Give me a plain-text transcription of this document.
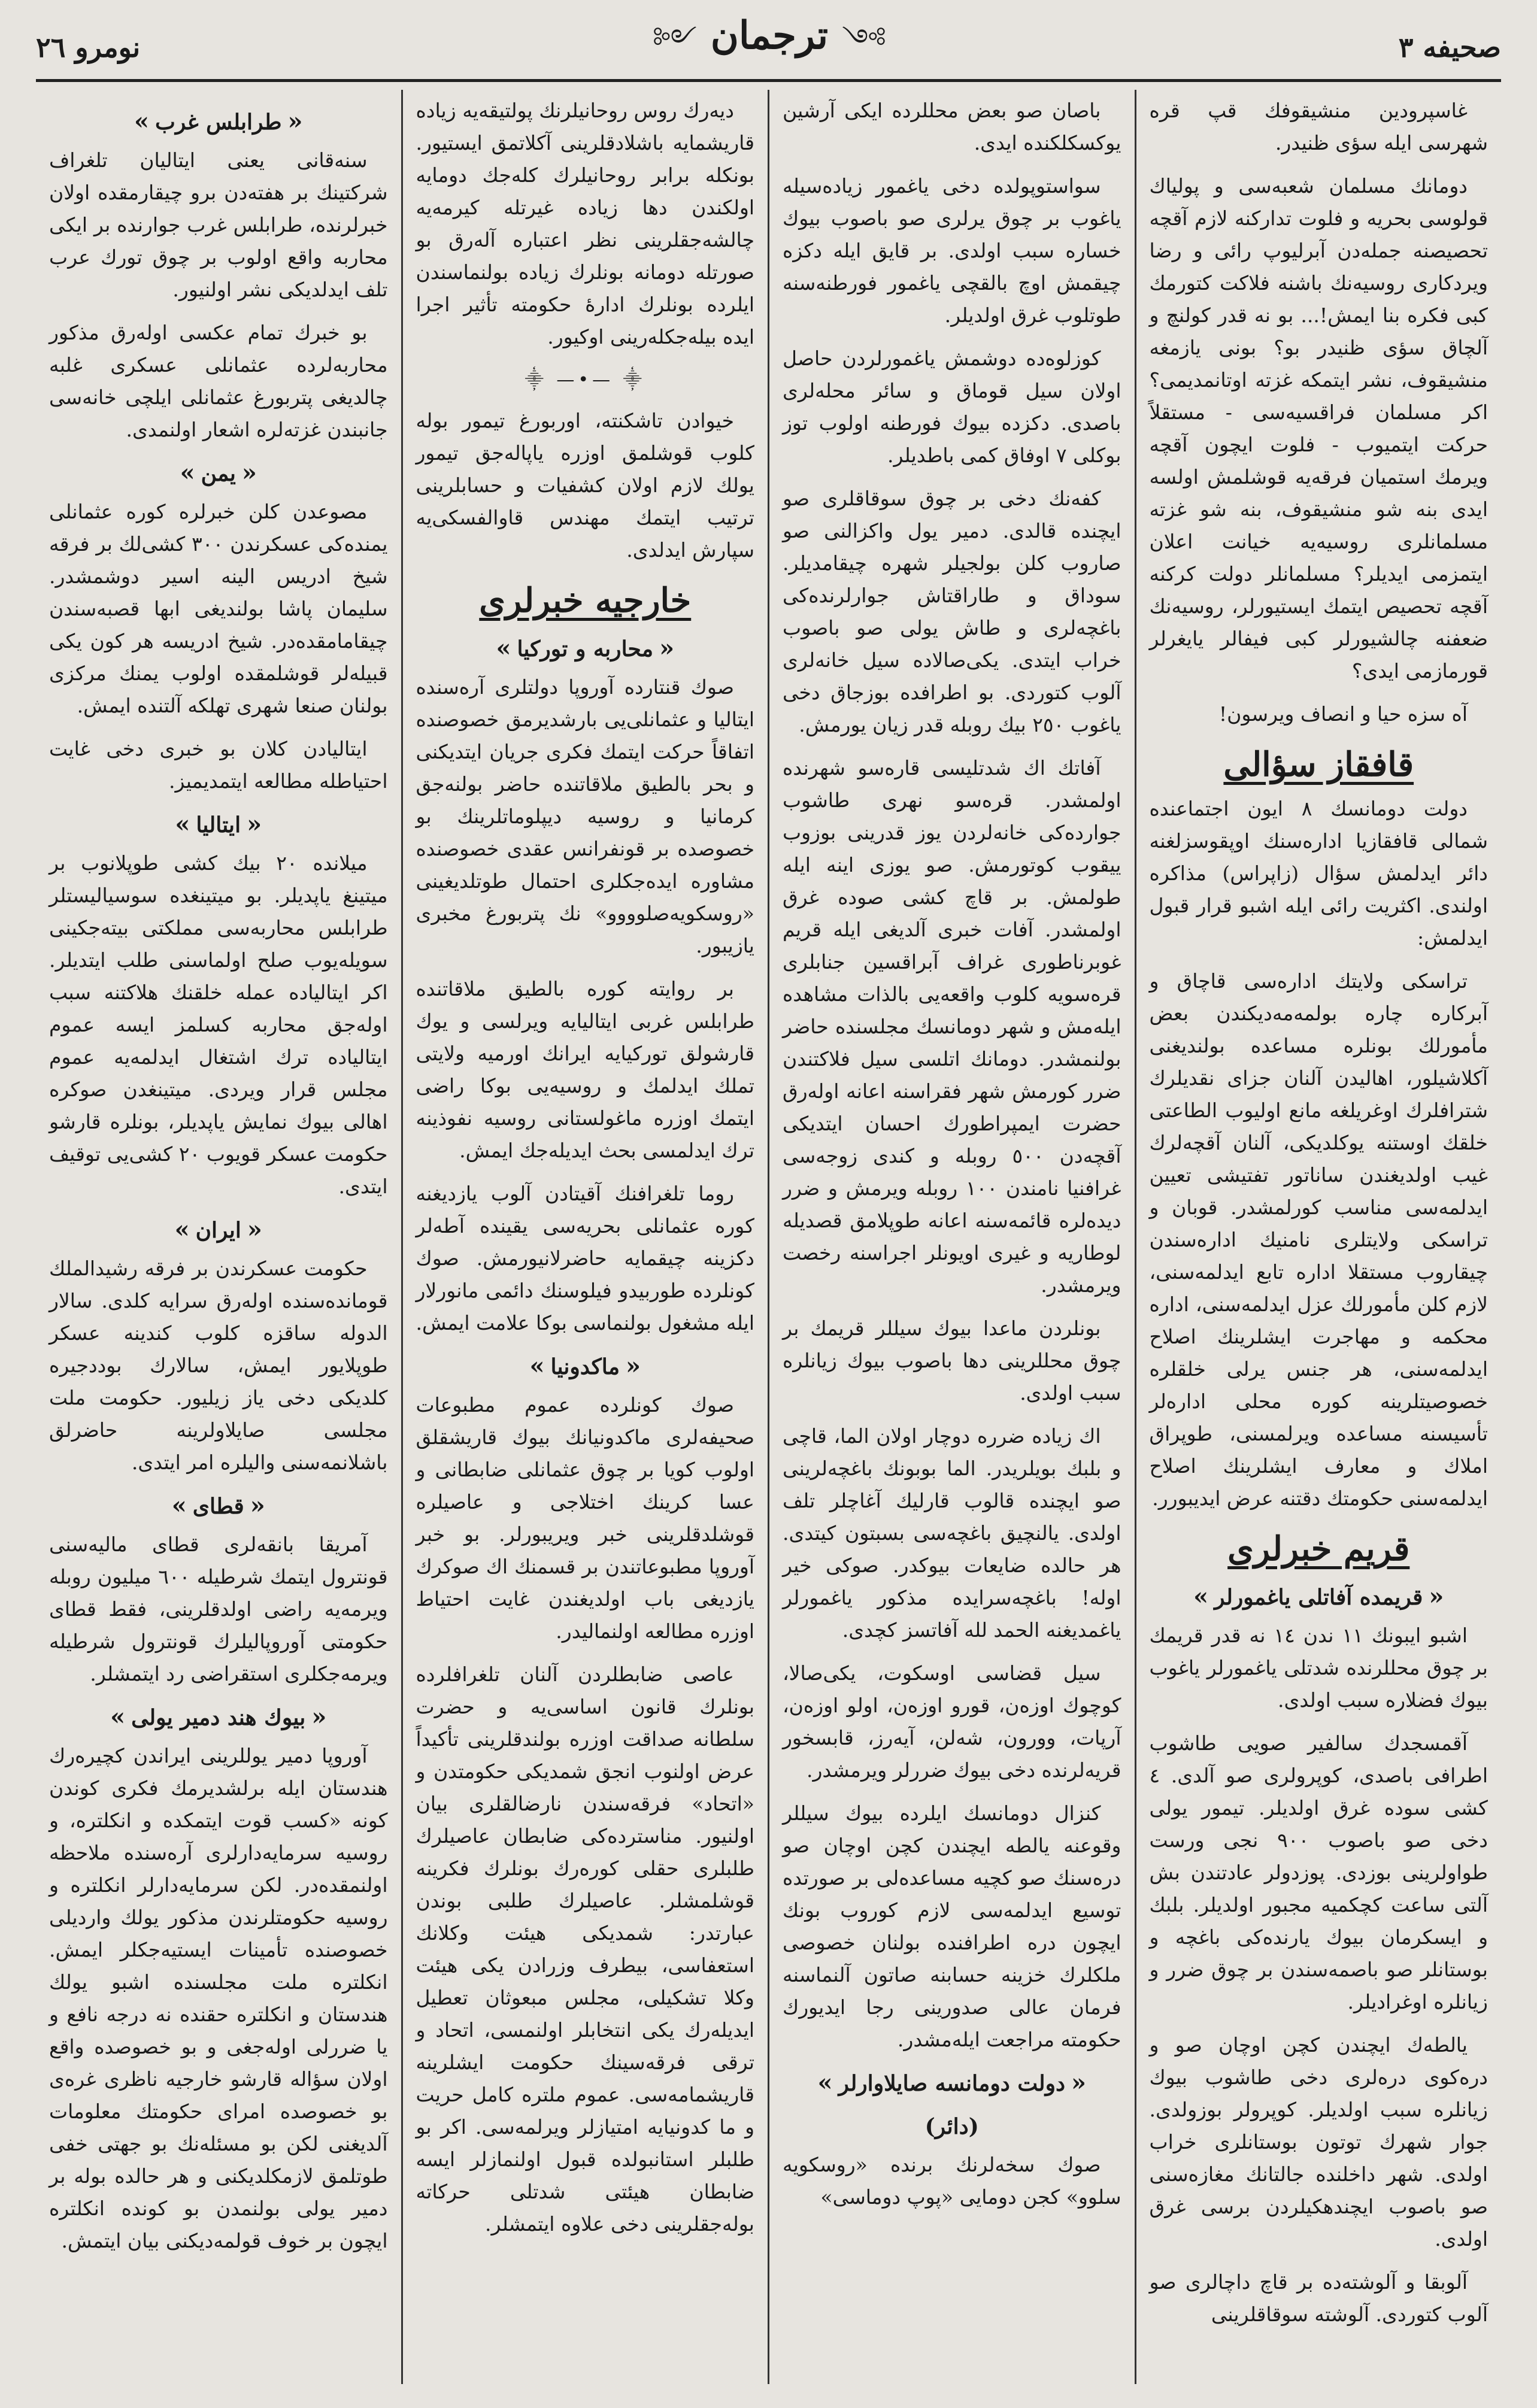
صحیفه ٣
༻ ترجمان ༺
نومرو ٢٦

غاسپرودین منشیقوفك قپ قره شهرسی ایله سؤی ظنیدر.

دومانك مسلمان شعبه‌سی و پولیاك قولوسی بحریه و فلوت تدارکنه لازم آقچه تحصیصنه جمله‌دن آبرلیوپ رائی و رضا ویردکاری روسیه‌نك باشنه فلاکت کتورمك کبی فکره بنا ایمش!... بو نه قدر کولنچ و آلچاق سؤی ظنیدر بو؟ بونی یازمغه منشیقوف، نشر ایتمکه غزته اوتانمدیمی؟ اکر مسلمان فراقسیه‌سی - مستقلاً حرکت ایتمیوب - فلوت ایچون آقچه ویرمك استمیان فرقه‌یه قوشلمش اولسه ایدی بنه شو منشیقوف، بنه شو غزته مسلمانلری روسیه‌یه خیانت اعلان ایتمزمی ایدیلر؟ مسلمانلر دولت کرکنه آقچه تحصیص ایتمك ایستیورلر، روسیه‌نك ضعفنه چالشیورلر کبی فیفالر یایغرلر قورمازمی ایدی؟

آه سزه حیا و انصاف ویرسون!

قافقاز سؤالی

دولت دومانسك ٨ ایون اجتماعنده شمالی قافقازیا ادارەسنك اوپقوسزلغنه دائر ایدلمش سؤال (زاپراس) مذاکره اولندی. اکثریت رائی ایله اشبو قرار قبول ایدلمش:

تراسكی ولایتك ادارەسی قاچاق و آبرکاره چاره بولمه‌مه‌دیکندن بعض مأمورلك بونلره مساعده بولندیغنی آکلاشیلور، اهالیدن آلنان جزای نقدیلرك شترافلرك اوغریلغه مانع اولیوب الطاعتی خلقك اوستنه یوکلدیکی، آلنان آقچه‌لرك غیب اولدیغندن ساناتور تفتیشی تعیین ایدلمه‌سی مناسب کورلمشدر. قوبان و تراسكی ولایتلری نامنیك اداره‌سندن چیقاروب مستقلا اداره تابع ایدلمه‌سنی، لازم کلن مأمورلك عزل ایدلمه‌سنی، اداره محکمه و مهاجرت ایشلرینك اصلاح ایدلمه‌سنی، هر جنس یرلی خلقلره خصوصیتلرینه کوره محلی ادارەلر تأسیسنه مساعده ویرلمسنی، طوپراق املاك و معارف ایشلرینك اصلاح ایدلمه‌سنی حکومتك دقتنه عرض ایدیبورر.

قریم خبرلری
«قریمده آفاتلی یاغمورلر»

اشبو ایبونك ١١ ندن ١٤ نه قدر قریمك بر چوق محللرنده شدتلی یاغمورلر یاغوب بیوك فضلاره سبب اولدی.

آقمسجدك سالفیر صویی طاشوب اطرافی باصدی، کوپرولری صو آلدی. ٤ کشی سوده غرق اولدیلر. تیمور یولی دخی صو باصوب ٩٠٠ نجی ورست طواولرینی بوزدی. پوزدولر عادتندن بش آلتی ساعت کچکمیه مجبور اولدیلر. بلبك و ایسکرمان بیوك یارنده‌کی باغچه و بوستانلر صو باصمه‌سندن بر چوق ضرر و زیانلره اوغرادیلر.

یالطه‌ك ایچندن کچن اوچان صو و دره‌کوی درەلری دخی طاشوب بیوك زیانلره سبب اولدیلر. کوپرولر بوزولدی. جوار شهرك توتون بوستانلری خراب اولدی. شهر داخلنده جالتانك مغازەسنی صو باصوب ایچندهکیلردن برسی غرق اولدی.

آلوبقا و آلوشته‌ده بر قاچ داچالری صو آلوب کتوردی. آلوشته سوقاقلرینی

باصان صو بعض محللرده ایکی آرشین یوکسکلکنده ایدی.

سواستوپولده دخی یاغمور زیاده‌سیله یاغوب بر چوق یرلری صو باصوب بیوك خساره سبب اولدی. بر قایق ایله دکزه چیقمش اوچ بالقچی یاغمور فورطنه‌سنه طوتلوب غرق اولدیلر.

کوزلوەده دوشمش یاغمورلردن حاصل اولان سیل قوماق و سائر محله‌لری باصدی. دکزده بیوك فورطنه اولوب توز بوکلی ٧ اوفاق کمی باطدیلر.

کفه‌نك دخی بر چوق سوقاقلری صو ایچنده قالدی. دمیر یول واکزالنی صو صاروب کلن بولجیلر شهره چیقامدیلر. سوداق و طاراقتاش جوارلرنده‌کی باغچه‌لری و طاش یولی صو باصوب خراب ایتدی. یکی‌صالاده سیل خانه‌لری آلوب کتوردی. بو اطرافده بوزجاق دخی یاغوب ٢٥٠ بیك روبله قدر زیان یورمش.

آفاتك اك شدتلیسی قاره‌سو شهرنده اولمشدر. قرەسو نهری طاشوب جوارده‌کی خانه‌لردن یوز قدرینی بوزوب ییقوب کوتورمش. صو یوزی اینه ایله طولمش. بر قاچ کشی صوده غرق اولمشدر. آفات خبری آلدیغی ایله قریم غوبرناطوری غراف آبراقسین جنابلری قرەسویه کلوب واقعه‌یی بالذات مشاهده ایلەمش و شهر دومانسك مجلسنده حاضر بولنمشدر. دومانك اتلسی سیل فلاکتندن ضرر کورمش شهر فقراسنه اعانه اولەرق حضرت ایمپراطورك احسان ایتدیکی آقچه‌دن ٥٠٠ روبله و کندی زوجه‌سی غرافنیا نامندن ١٠٠ روبله ویرمش و ضرر دیدەلره قائمه‌سنه اعانه طوپلامق قصدیله لوطاریه و غیری اویونلر اجراسنه رخصت ویرمشدر.

بونلردن ماعدا بیوك سیللر قریمك بر چوق محللرینی دها باصوب بیوك زیانلره سبب اولدی.

اك زیاده ضرره دوچار اولان الما، قاچی و بلبك بویلریدر. الما بوبونك باغچه‌لرینی صو ایچنده قالوب قارلیك آغاچلر تلف اولدی. یالنچیق باغچه‌سی بسبتون کیتدی. هر حالده ضایعات بیوکدر. صوکی خیر اوله! باغچه‌سرایده مذکور یاغمورلر یاغمدیغنه الحمد لله آفاتسز کچدی.

سیل قضاسی اوسکوت، یکی‌صالا، کوچوك اوزەن، قورو اوزەن، اولو اوزەن، آرپات، وورون، شەلن، آیەرز، قابسخور قریەلرنده دخی بیوك ضررلر ویرمشدر.

کنزال دومانسك ایلرده بیوك سیللر وقوعنه یالطه ایچندن کچن اوچان صو درەسنك صو کچیه مساعدەلی بر صورتده توسیع ایدلمه‌سی لازم کوروب بونك ایچون دره اطرافنده بولنان خصوصی ملکلرك خزینه حسابنه صاتون آلنماسنه فرمان عالی صدورینی رجا ایدیورك حکومته مراجعت ایلەمشدر.

«دولت دومانسه صایلاوارلر»
(دائر)

صوك سخه‌لرنك برنده «روسکویه سلوو» کجن دومایی «پوپ دوماسی»

دیەرك روس روحانیلرنك پولتیقه‌یه زیاده قاریشمایه باشلادقلرینی آکلاتمق ایستیور. بونکله برابر روحانیلرك کلەجك دومایه اولکندن دها زیاده غیرتله کیرمه‌یه چالشه‌جقلرینی نظر اعتباره آلەرق بو صورتله دومانه بونلرك زیاده بولنماسندن ایلرده بونلرك ادارۀ حکومته تأثیر اجرا ایده بیلەجکلەرینی اوکیور.

⸎ —•— ⸎

خیوادن تاشکنته، اوربورغ تیمور بوله کلوب قوشلمق اوزره یاپالەجق تیمور یولك لازم اولان کشفیات و حسابلرینی ترتیب ایتمك مهندس قاوالفسکی‌یه سپارش ایدلدی.

خارجیه خبرلری
«محاربه و تورکیا»

صوك قنتارده آوروپا دولتلری آرەسنده ایتالیا و عثمانلی‌یی بارشدیرمق خصوصنده اتفاقاً حرکت ایتمك فکری جریان ایتدیکنی و بحر بالطیق ملاقاتنده حاضر بولنه‌جق کرمانیا و روسیه دیپلوماتلرینك بو خصوصده بر قونفرانس عقدی خصوصنده مشاوره ایدەجکلری احتمال طوتلدیغینی «روسکویه‌صلوووو» نك پتربورغ مخبری یازیبور.

بر روایته کوره بالطیق ملاقاتنده طرابلس غربی ایتالیایه ویرلسی و یوك قارشولق تورکیایه ایرانك اورمیه ولایتی تملك ایدلمك و روسیه‌یی بوکا راضی ایتمك اوزره ماغولستانی روسیه نفوذینه ترك ایدلمسی بحث ایدیلەجك ایمش.

روما تلغرافنك آقیتادن آلوب یازدیغنه کوره عثمانلی بحریه‌سی یقینده آطه‌لر دکزینه چیقمایه حاضرلانیورمش. صوك کونلرده طوربیدو فیلوسنك دائمی مانورلار ایله مشغول بولنماسی بوکا علامت ایمش.

«ماکدونیا»

صوك کونلرده عموم مطبوعات صحیفه‌لری ماکدونیانك بیوك قاریشقلق اولوب کویا بر چوق عثمانلی ضابطانی و عسا کرینك اختلاجی و عاصیلره قوشلدقلرینی خبر ویریبورلر. بو خبر آوروپا مطبوعاتندن بر قسمنك اك صوکرك یازدیغی باب اولدیغندن غایت احتیاط اوزره مطالعه اولنمالیدر.

عاصی ضابطلردن آلنان تلغرافلرده بونلرك قانون اساسی‌یه و حضرت سلطانه صداقت اوزره بولندقلرینی تأکیداً عرض اولنوب انجق شمدیکی حکومتدن و «اتحاد» فرقه‌سندن نارضالقلری بیان اولنیور. مناسترده‌کی ضابطان عاصیلرك طلبلری حقلی کورەرك بونلرك فکرینه قوشلمشلر. عاصیلرك طلبی بوندن عبارتدر: شمدیکی هیئت وکلانك استعفاسی، بیطرف وزرادن یکی هیئت وکلا تشکیلی، مجلس مبعوثان تعطیل ایدیلەرك یکی انتخابلر اولنمسی، اتحاد و ترقی فرقه‌سینك حکومت ایشلرینه قاریشمامه‌سی. عموم ملتره کامل حریت و ما کدونیایه امتیازلر ویرلمه‌سی. اکر بو طلبلر استانبولده قبول اولنمازلر ایسه ضابطان هیئتی شدتلی حرکاته بوله‌جقلرینی دخی علاوه ایتمشلر.

«طرابلس غرب»

سنه‌قانی یعنی ایتالیان تلغراف شرکتینك بر هفته‌دن برو چیقارمقده اولان خبرلرنده، طرابلس غرب جوارنده بر ایکی محاربه واقع اولوب بر چوق تورك عرب تلف ایدلدیکی نشر اولنیور.

بو خبرك تمام عکسی اولەرق مذکور محاربەلرده عثمانلی عسکری غلبه چالدیغی پتربورغ عثمانلی ایلچی خانه‌سی جانبندن غزته‌لره اشعار اولنمدی.

«یمن»

مصوعدن کلن خبرلره کوره عثمانلی یمنده‌کی عسکرندن ٣٠٠ کشی‌لك بر فرقه شیخ ادریس الینه اسیر دوشمشدر. سلیمان پاشا بولندیغی ابها قصبه‌سندن چیقامامقده‌در. شیخ ادریسه هر کون یکی قبیله‌لر قوشلمقده اولوب یمنك مرکزی بولنان صنعا شهری تهلکه آلتنده ایمش.

ایتالیادن کلان بو خبری دخی غایت احتیاطله مطالعه ایتمدیمیز.

«ایتالیا»

میلاندە ٢٠ بیك کشی طوپلانوب بر میتینغ یاپدیلر. بو میتینغده سوسیالیستلر طرابلس محاربه‌سی مملکتی بیتەجکینی سویلەیوب صلح اولماسنی طلب ایتدیلر. اکر ایتالیاده عمله خلقنك هلاکتنه سبب اولەجق محاربه کسلمز ایسه عموم ایتالیاده ترك اشتغال ایدلمه‌یه عموم مجلس قرار ویردی. میتینغدن صوکره اهالی بیوك نمایش یاپدیلر، بونلره قارشو حکومت عسکر قویوب ٢٠ کشی‌یی توقیف ایتدی.

«ایران»

حکومت عسکرندن بر فرقه رشیدالملك قوماندەسنده اولەرق سرایه کلدی. سالار الدوله ساقزه کلوب کندینه عسکر طوپلایور ایمش، سالارك بوددجیره کلدیکی دخی یاز زیلیور. حکومت ملت مجلسی صایلاولرینه حاضرلق باشلانمه‌سنی والیلره امر ایتدی.

«قطای»

آمریقا بانقه‌لری قطای مالیه‌سنی قونترول ایتمك شرطیله ٦٠٠ میلیون روبله ویرمه‌یه راضی اولدقلرینی، فقط قطای حکومتی آوروپالیلرك قونترول شرطیله ویرمه‌جکلری استقراضی رد ایتمشلر.

«بیوك هند دمیر یولی»

آوروپا دمیر یوللرینی ایراندن کچیرەرك هندستان ایله برلشدیرمك فکری کوندن کونه «کسب قوت ایتمکده و انکلتره، و روسیه سرمایه‌دارلری آرەسنده ملاحظه اولنمقده‌در. لکن سرمایه‌دارلر انکلتره و روسیه حکومتلرندن مذکور یولك واردیلی خصوصنده تأمینات ایستیه‌جکلر ایمش. انکلتره ملت مجلسنده اشبو یولك هندستان و انکلتره حقنده نه درجه نافع و یا ضررلی اولەجغی و بو خصوصده واقع اولان سؤاله قارشو خارجیه ناظری غرەی بو خصوصده امرای حکومتك معلومات آلدیغنی لکن بو مسئله‌نك بو جهتی خفی طوتلمق لازمکلدیکنی و هر حالده بوله بر دمیر یولی بولنمدن بو کونده انکلتره ایچون بر خوف قولمەدیکنی بیان ایتمش.
